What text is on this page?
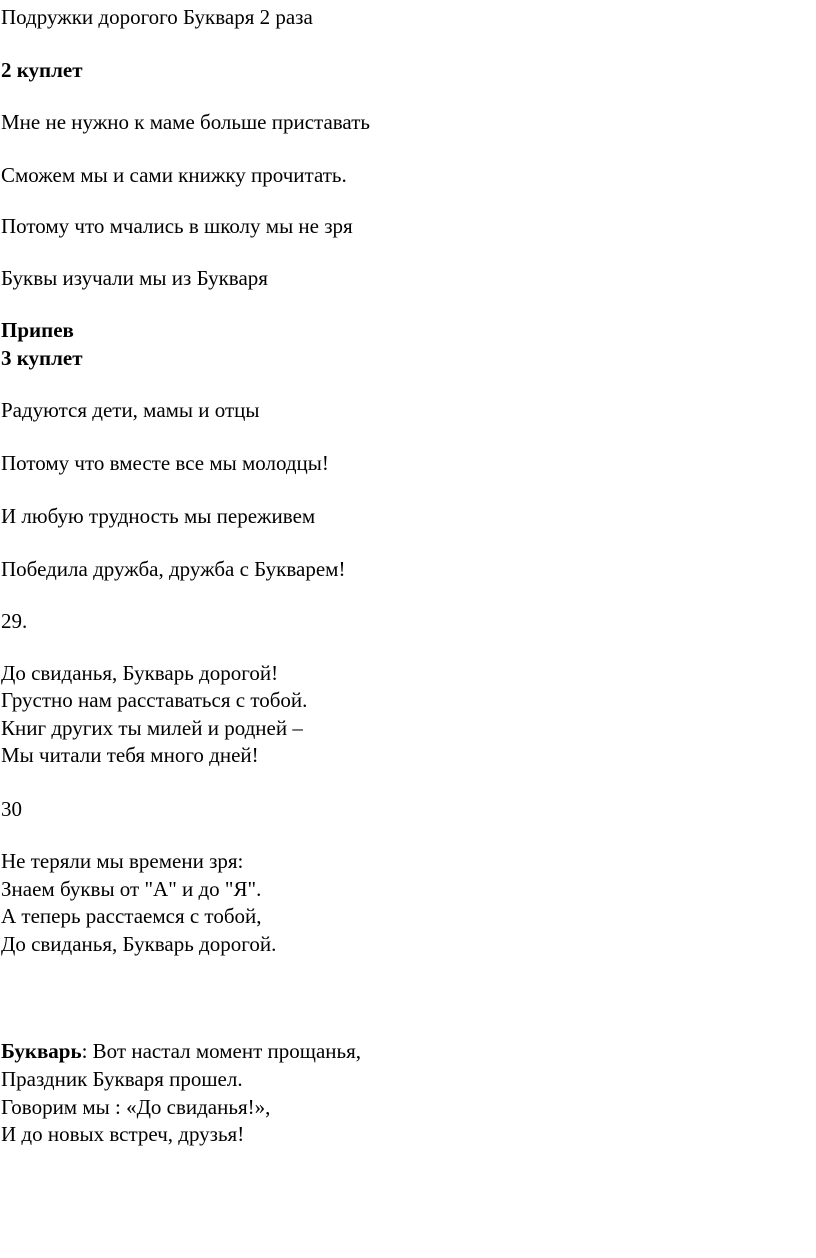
Подружки дорогого Букваря 2 раза

2 куплет

Мне не нужно к маме больше приставать

Сможем мы и сами книжку прочитать.

Потому что мчались в школу мы не зря

Буквы изучали мы из Букваря

Припев

3 куплет

Радуются дети, мамы и отцы

Потому что вместе все мы молодцы!

И любую трудность мы переживем

Победила дружба, дружба с Букварем!

29.

До свиданья, Букварь дорогой!

Грустно нам расставаться с тобой.

Книг других ты милей и родней –

Мы читали тебя много дней!

30

Не теряли мы времени зря:

Знаем буквы от "А" и до "Я".

А теперь расстаемся с тобой,

До свиданья, Букварь дорогой.

Букварь: Вот настал момент прощанья,

Праздник Букваря прошел.

Говорим мы : «До свиданья!»,

И до новых встреч, друзья!
